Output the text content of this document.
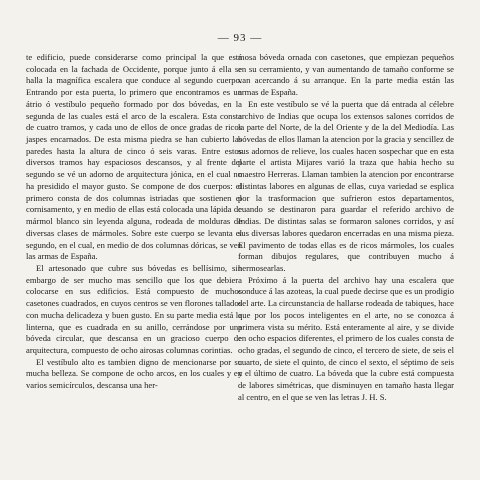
— 93 —

te edificio, puede considerarse como principal la que está colocada en la fachada de Occidente, porque junto á ella se halla la magnífica escalera que conduce al segundo cuerpo. Entrando por esta puerta, lo primero que encontramos es un átrio ó vestíbulo pequeño formado por dos bóvedas, en la segunda de las cuales está el arco de la escalera. Esta consta de cuatro tramos, y cada uno de ellos de once gradas de ricos jaspes encarnados. De esta misma piedra se han cubierto las paredes hasta la altura de cinco ó seis varas. Entre estos diversos tramos hay espaciosos descansos, y al frente del segundo se vé un adorno de arquitectura jónica, en el cual no ha presidido el mayor gusto. Se compone de dos cuerpos: el primero consta de dos columnas istriadas que sostienen el cornisamento, y en medio de ellas está colocada una lápida de mármol blanco sin leyenda alguna, rodeada de molduras de diversas clases de mármoles. Sobre este cuerpo se levanta el segundo, en el cual, en medio de dos columnas dóricas, se ven las armas de España.

El artesonado que cubre sus bóvedas es bellísimo, sin embargo de ser mucho mas sencillo que los que debiera colocarse en sus edificios. Está compuesto de muchos casetones cuadrados, en cuyos centros se ven florones tallados con mucha delicadeza y buen gusto. En su parte media está la linterna, que es cuadrada en su anillo, cerrándose por una bóveda circular, que descansa en un gracioso cuerpo de arquitectura, compuesto de ocho airosas columnas corintias.

El vestíbulo alto es tambien digno de mencionarse por su mucha belleza. Se compone de ocho arcos, en los cuales y en varios semicírculos, descansa una her-

mosa bóveda ornada con casetones, que empiezan pequeños en su cerramiento, y van aumentando de tamaño conforme se van acercando á su arranque. En la parte media están las armas de España.

En este vestíbulo se vé la puerta que dá entrada al célebre archivo de Indias que ocupa los extensos salones corridos de la parte del Norte, de la del Oriente y de la del Mediodía. Las bóvedas de ellos llaman la atencion por la gracia y sencillez de sus adornos de relieve, los cuales hacen sospechar que en esta parte el artista Mijares varió la traza que habia hecho su maestro Herreras. Llaman tambien la atencion por encontrarse distintas labores en algunas de ellas, cuya variedad se esplica por la trasformacion que sufrieron estos departamentos, cuando se destinaron para guardar el referido archivo de Indias. De distintas salas se formaron salones corridos, y así sus diversas labores quedaron encerradas en una misma pieza. El pavimento de todas ellas es de ricos mármoles, los cuales forman dibujos regulares, que contribuyen mucho á hermosearlas.

Próximo á la puerta del archivo hay una escalera que conduce á las azoteas, la cual puede decirse que es un prodigio del arte. La circunstancia de hallarse rodeada de tabiques, hace que por los pocos inteligentes en el arte, no se conozca á primera vista su mérito. Está enteramente al aire, y se divide en ocho espacios diferentes, el primero de los cuales consta de ocho gradas, el segundo de cinco, el tercero de siete, de seis el cuarto, de siete el quinto, de cinco el sexto, el séptimo de seis y el último de cuatro. La bóveda que la cubre está compuesta de labores simétricas, que disminuyen en tamaño hasta llegar al centro, en el que se ven las letras J. H. S.
